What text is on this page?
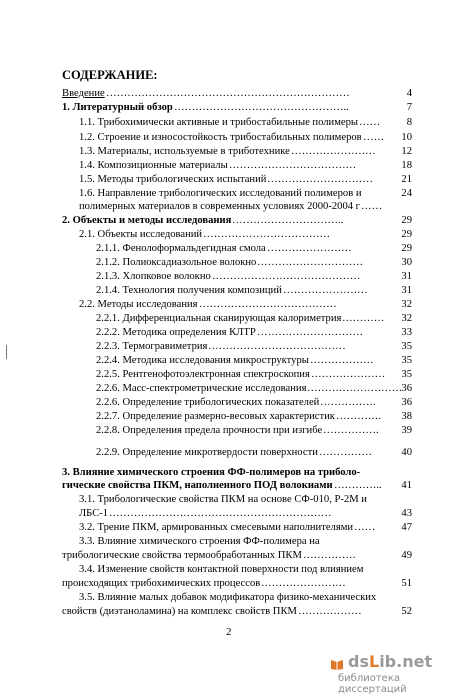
СОДЕРЖАНИЕ:
Введение ……………………………………………………………	4
1. Литературный обзор …………………………………………..	7
1.1. Трибохимически активные и трибостабильные полимеры ……	8
1.2. Строение и износостойкость трибостабильных полимеров ……	10
1.3. Материалы, используемые в триботехнике ……………………	12
1.4. Композиционные материалы ………………………………	18
1.5. Методы трибологических испытаний …………………………	21
1.6. Направление трибологических исследований полимеров и	24
полимерных материалов в современных условиях 2000-2004 г ……
2. Объекты и методы исследования …………………………..	29
2.1. Объекты исследований ………………………………	29
2.1.1. Фенолоформальдегидная смола ……………………	29
2.1.2. Полиоксадиазольное волокно …………………………	30
2.1.3. Хлопковое волокно ……………………………………	31
2.1.4. Технология получения композиций ……………………	31
2.2. Методы исследования …………………………………	32
2.2.1. Дифференциальная сканирующая калориметрия …………	32
2.2.2. Методика определения КЛТР …………………………	33
2.2.3. Термогравиметрия …………………………………	35
2.2.4. Методика исследования микроструктуры ………………	35
2.2.5. Рентгенофотоэлектронная спектроскопия …………………	35
2.2.6. Масс-спектрометрические исследования ……………………… 36
2.2.6. Определение трибологических показателей …………….	36
2.2.7. Определение размерно-весовых характеристик ………….	38
2.2.8. Определения предела прочности при изгибе …………….	39
2.2.9. Определение микротвердости поверхности ……………	40
3. Влияние химического строения ФФ-полимеров на триболо-
гические свойства ПКМ, наполненного ПОД волокнами …………..	41
3.1. Трибологические свойства ПКМ на основе СФ-010, Р-2М и
ЛБС-1 ………………………………………………………	43
3.2. Трение ПКМ, армированных смесевыми наполнителями ……	47
3.3. Влияние химического строения ФФ-полимера на
трибологические свойства термообработанных ПКМ ……………	49
3.4. Изменение свойств контактной поверхности под влиянием
происходящих трибохимических процессов ……………………	51
3.5. Влияние малых добавок модификатора физико-механических
свойств (диэтаноламина) на комплекс свойств ПКМ ………………	52
2
dsLib.net
библиотека диссертаций
